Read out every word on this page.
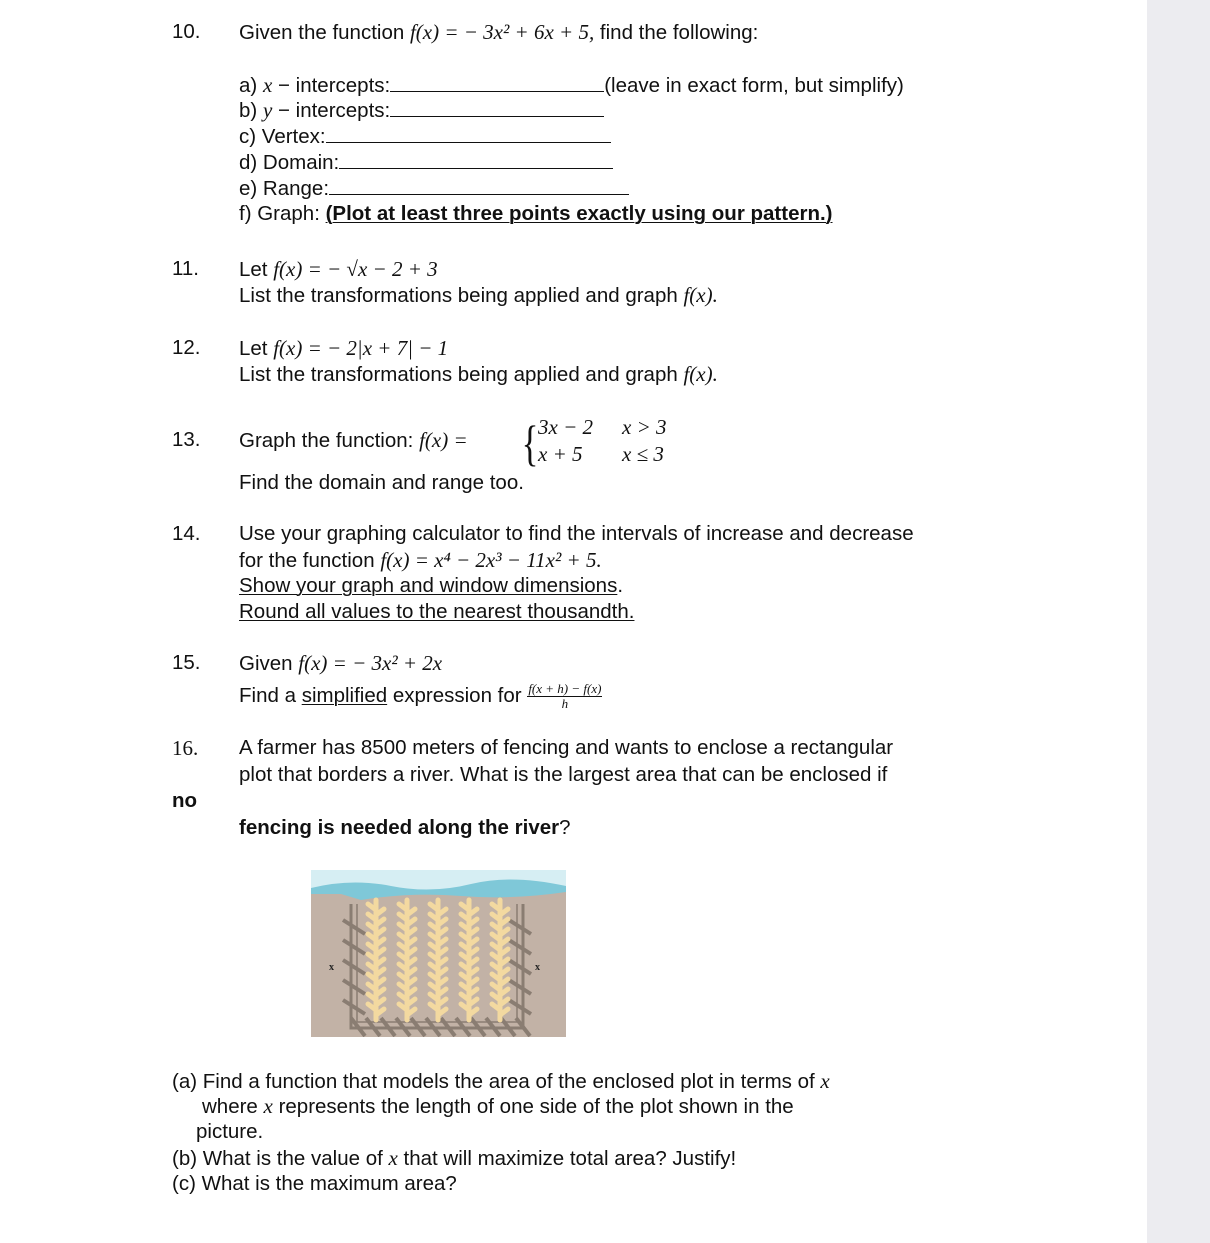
10. Given the function f(x) = − 3x² + 6x + 5, find the following:
a) x − intercepts:	(leave in exact form, but simplify)
b) y − intercepts:
c) Vertex:
d) Domain:
e) Range:
f) Graph: (Plot at least three points exactly using our pattern.)
11. Let f(x) = − √x − 2 + 3
List the transformations being applied and graph f(x).
12. Let f(x) = − 2|x + 7| − 1
List the transformations being applied and graph f(x).
13. Graph the function: f(x) = { 3x − 2 x > 3
x + 5 x ≤ 3
Find the domain and range too.
14. Use your graphing calculator to find the intervals of increase and decrease
for the function f(x) = x⁴ − 2x³ − 11x² + 5.
Show your graph and window dimensions.
Round all values to the nearest thousandth.
15. Given f(x) = − 3x² + 2x
Find a simplified expression for $\frac{f(x + h) - f(x)}{h}$
16. A farmer has 8500 meters of fencing and wants to enclose a rectangular
plot that borders a river. What is the largest area that can be enclosed if
no
fencing is needed along the river?
x	x
(a) Find a function that models the area of the enclosed plot in terms of x
where x represents the length of one side of the plot shown in the
picture.
(b) What is the value of x that will maximize total area? Justify!
(c) What is the maximum area?
